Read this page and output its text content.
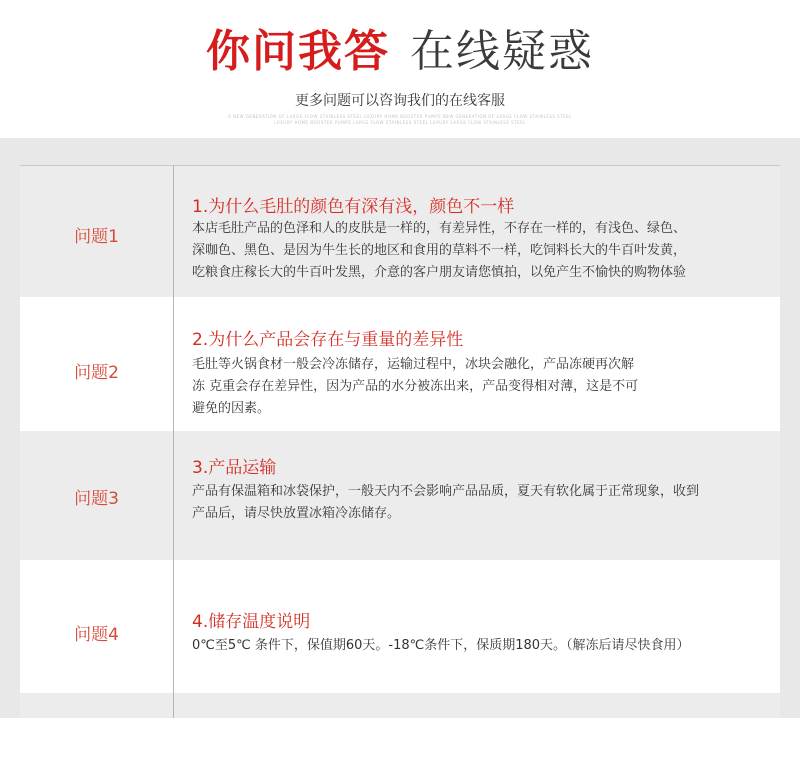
你问我答 在线疑惑
更多问题可以咨询我们的在线客服
A NEW GENERATION OF LARGE FLOW STAINLESS STEEL LUXURY HOME BOOSTER PUMPS NEW GENERATION OF LARGE FLOW STAINLESS STEEL
LUXURY HOME BOOSTER PUMPS LARGE FLOW STAINLESS STEEL LUXURY LARGE FLOW STAINLESS STEEL
问题1
1.为什么毛肚的颜色有深有浅，颜色不一样
本店毛肚产品的色泽和人的皮肤是一样的，有差异性，不存在一样的，有浅色、绿色、
深咖色、黑色、是因为牛生长的地区和食用的草料不一样，吃饲料长大的牛百叶发黄，
吃粮食庄稼长大的牛百叶发黑，介意的客户朋友请您慎拍，以免产生不愉快的购物体验
问题2
2.为什么产品会存在与重量的差异性
毛肚等火锅食材一般会冷冻储存，运输过程中，冰块会融化，产品冻硬再次解
冻 克重会存在差异性，因为产品的水分被冻出来，产品变得相对薄，这是不可
避免的因素。
问题3
3.产品运输
产品有保温箱和冰袋保护，一般天内不会影响产品品质，夏天有软化属于正常现象，收到
产品后，请尽快放置冰箱冷冻储存。
问题4
4.储存温度说明
0℃至5℃ 条件下，保值期60天。-18℃条件下，保质期180天。（解冻后请尽快食用）
